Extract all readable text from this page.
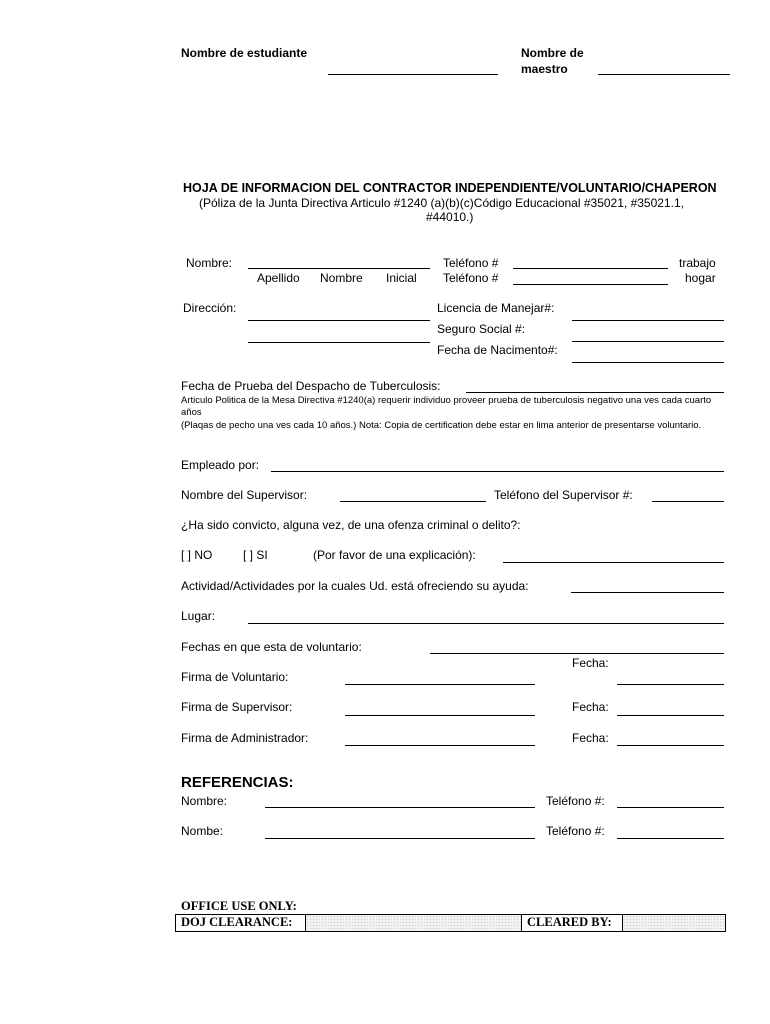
Nombre de estudiante	Nombre de
maestro
HOJA DE INFORMACION DEL CONTRACTOR INDEPENDIENTE/VOLUNTARIO/CHAPERON
(Póliza de la Junta Directiva Articulo #1240 (a)(b)(c)Código Educacional #35021, #35021.1,
#44010.)
Nombre:
Apellido Nombre Inicial
Teléfono #	trabajo
Teléfono #	hogar
Dirección:	Licencia de Manejar#:
Seguro Social #:
Fecha de Nacimento#:
Fecha de Prueba del Despacho de Tuberculosis:
Articulo Politica de la Mesa Directiva #1240(a) requerir individuo proveer prueba de tuberculosis negativo una ves cada cuarto años
(Plaqas de pecho una ves cada 10 años.) Nota: Copia de certification debe estar en lima anterior de presentarse voluntario.
Empleado por:
Nombre del Supervisor:	Teléfono del Supervisor #:
¿Ha sido convicto, alguna vez, de una ofenza criminal o delito?:
[ ] NO	[ ] SI	(Por favor de una explicación):
Actividad/Actividades por la cuales Ud. está ofreciendo su ayuda:
Lugar:
Fechas en que esta de voluntario:
Fecha:
Firma de Voluntario:
Firma de Supervisor:	Fecha:
Firma de Administrador:	Fecha:
REFERENCIAS:
Nombre:	Teléfono #:
Nombe:	Teléfono #:
OFFICE USE ONLY:
DOJ CLEARANCE:	CLEARED BY:
